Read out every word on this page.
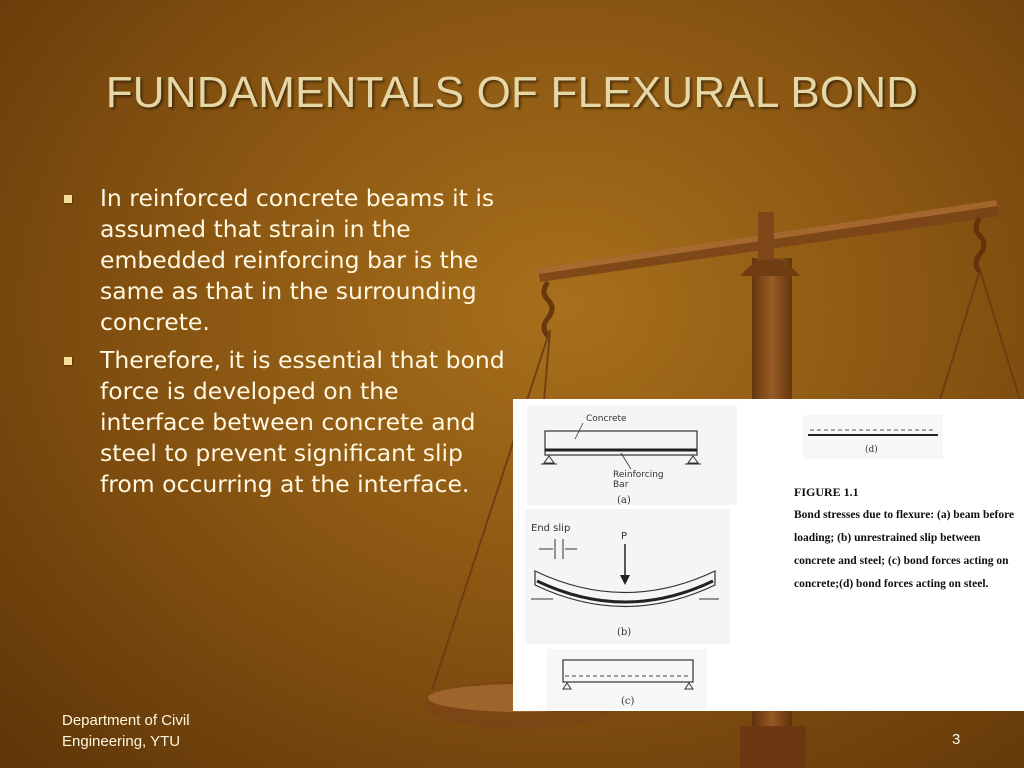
FUNDAMENTALS OF FLEXURAL BOND
In reinforced concrete beams it is assumed that strain in the embedded reinforcing bar is the same as that in the surrounding concrete.
Therefore, it is essential that bond force is developed on the interface between concrete and steel to prevent significant slip from occurring at the interface.
Concrete
Reinforcing
Bar
(a)
End slip
P
(b)
(c)
(d)
FIGURE 1.1
Bond stresses due to flexure: (a) beam before loading; (b) unrestrained slip between concrete and steel; (c) bond forces acting on concrete;(d) bond forces acting on steel.
Department of Civil
Engineering, YTU	3
